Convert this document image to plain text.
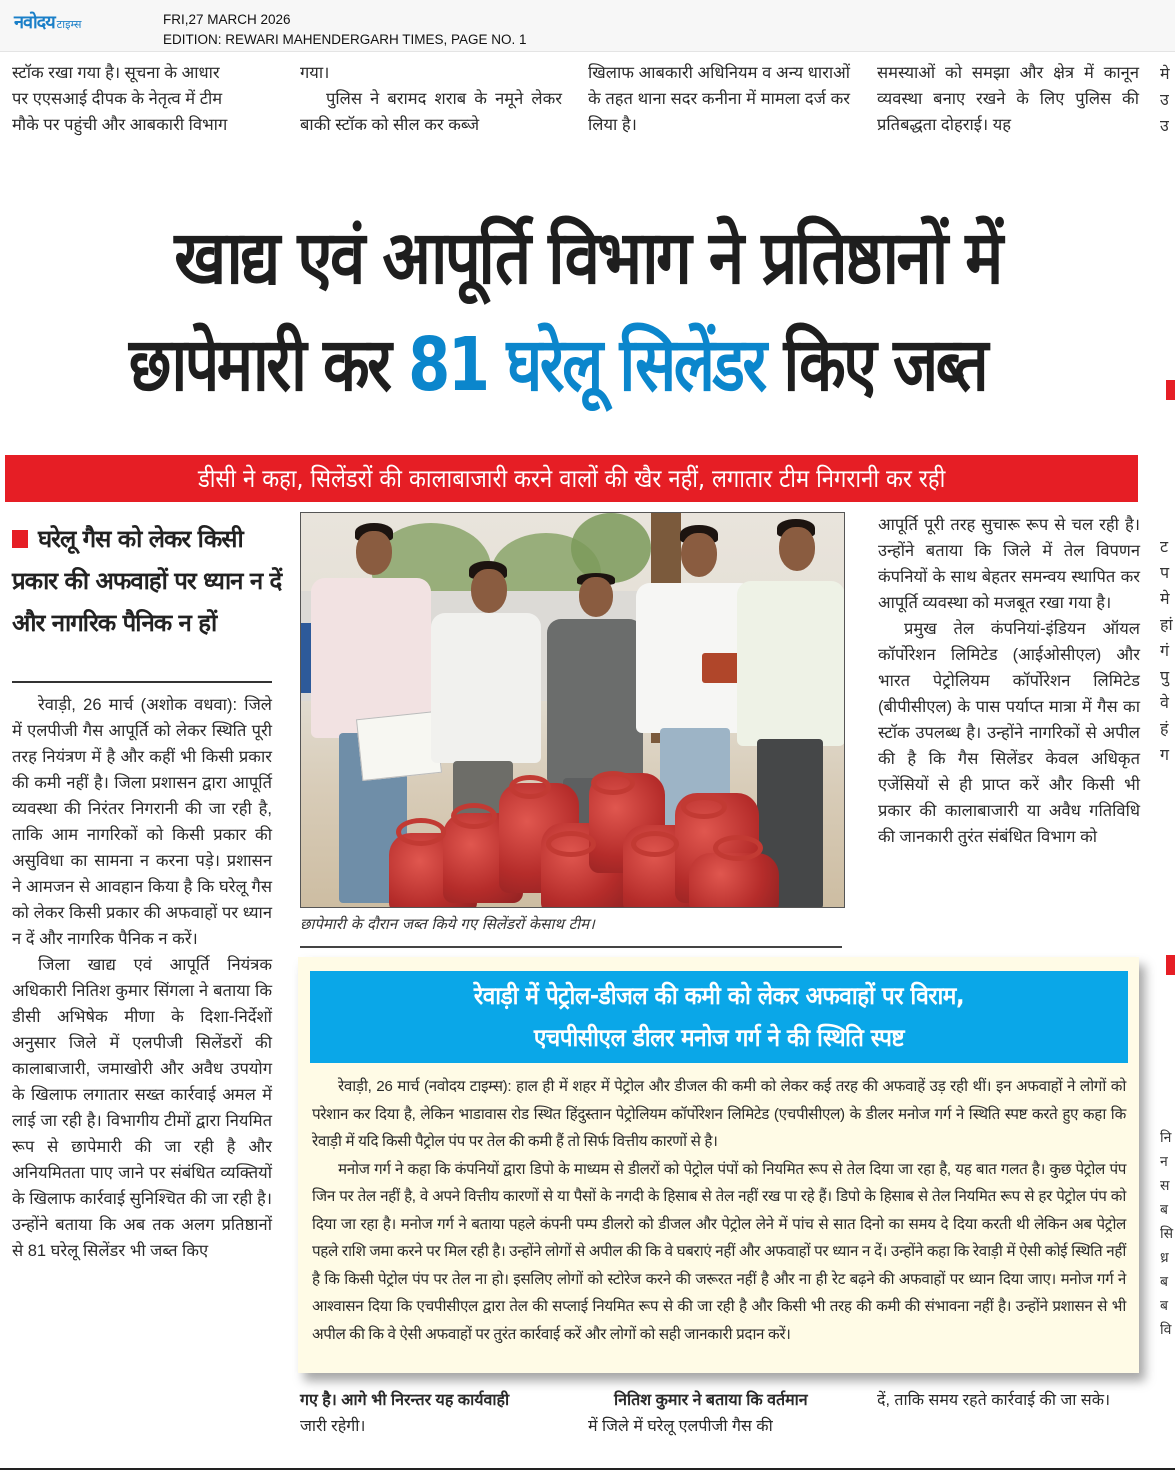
नवोदय टाइम्स	FRI,27 MARCH 2026
EDITION: REWARI MAHENDERGARH TIMES, PAGE NO. 1
स्टॉक रखा गया है। सूचना के आधार
पर एएसआई दीपक के नेतृत्व में टीम
मौके पर पहुंची और आबकारी विभाग
गया।

पुलिस ने बरामद शराब के नमूने लेकर बाकी स्टॉक को सील कर कब्जे

खिलाफ आबकारी अधिनियम व अन्य धाराओं के तहत थाना सदर कनीना में मामला दर्ज कर लिया है।

समस्याओं को समझा और क्षेत्र में कानून व्यवस्था बनाए रखने के लिए पुलिस की प्रतिबद्धता दोहराई। यह

खाद्य एवं आपूर्ति विभाग ने प्रतिष्ठानों में
छापेमारी कर 81 घरेलू सिलेंडर किए जब्त
डीसी ने कहा, सिलेंडरों की कालाबाजारी करने वालों की खैर नहीं, लगातार टीम निगरानी कर रही
घरेलू गैस को लेकर किसी प्रकार की अफवाहों पर ध्यान न दें और नागरिक पैनिक न हों

रेवाड़ी, 26 मार्च (अशोक वधवा): जिले में एलपीजी गैस आपूर्ति को लेकर स्थिति पूरी तरह नियंत्रण में है और कहीं भी किसी प्रकार की कमी नहीं है। जिला प्रशासन द्वारा आपूर्ति व्यवस्था की निरंतर निगरानी की जा रही है, ताकि आम नागरिकों को किसी प्रकार की असुविधा का सामना न करना पड़े। प्रशासन ने आमजन से आवहान किया है कि घरेलू गैस को लेकर किसी प्रकार की अफवाहों पर ध्यान न दें और नागरिक पैनिक न करें।

जिला खाद्य एवं आपूर्ति नियंत्रक अधिकारी नितिश कुमार सिंगला ने बताया कि डीसी अभिषेक मीणा के दिशा-निर्देशों अनुसार जिले में एलपीजी सिलेंडरों की कालाबाजारी, जमाखोरी और अवैध उपयोग के खिलाफ लगातार सख्त कार्रवाई अमल में लाई जा रही है। विभागीय टीमों द्वारा नियमित रूप से छापेमारी की जा रही है और अनियमितता पाए जाने पर संबंधित व्यक्तियों के खिलाफ कार्रवाई सुनिश्चित की जा रही है। उन्होंने बताया कि अब तक अलग प्रतिष्ठानों से 81 घरेलू सिलेंडर भी जब्त किए

छापेमारी के दौरान जब्त किये गए सिलेंडरों केसाथ टीम।

आपूर्ति पूरी तरह सुचारू रूप से चल रही है। उन्होंने बताया कि जिले में तेल विपणन कंपनियों के साथ बेहतर समन्वय स्थापित कर आपूर्ति व्यवस्था को मजबूत रखा गया है।

प्रमुख तेल कंपनियां-इंडियन ऑयल कॉर्पोरेशन लिमिटेड (आईओसीएल) और भारत पेट्रोलियम कॉर्पोरेशन लिमिटेड (बीपीसीएल) के पास पर्याप्त मात्रा में गैस का स्टॉक उपलब्ध है। उन्होंने नागरिकों से अपील की है कि गैस सिलेंडर केवल अधिकृत एजेंसियों से ही प्राप्त करें और किसी भी प्रकार की कालाबाजारी या अवैध गतिविधि की जानकारी तुरंत संबंधित विभाग को

रेवाड़ी में पेट्रोल-डीजल की कमी को लेकर अफवाहों पर विराम,
एचपीसीएल डीलर मनोज गर्ग ने की स्थिति स्पष्ट

रेवाड़ी, 26 मार्च (नवोदय टाइम्स): हाल ही में शहर में पेट्रोल और डीजल की कमी को लेकर कई तरह की अफवाहें उड़ रही थीं। इन अफवाहों ने लोगों को परेशान कर दिया है, लेकिन भाडावास रोड स्थित हिंदुस्तान पेट्रोलियम कॉर्पोरेशन लिमिटेड (एचपीसीएल) के डीलर मनोज गर्ग ने स्थिति स्पष्ट करते हुए कहा कि रेवाड़ी में यदि किसी पैट्रोल पंप पर तेल की कमी हैं तो सिर्फ वित्तीय कारणों से है।

मनोज गर्ग ने कहा कि कंपनियों द्वारा डिपो के माध्यम से डीलरों को पेट्रोल पंपों को नियमित रूप से तेल दिया जा रहा है, यह बात गलत है। कुछ पेट्रोल पंप जिन पर तेल नहीं है, वे अपने वित्तीय कारणों से या पैसों के नगदी के हिसाब से तेल नहीं रख पा रहे हैं। डिपो के हिसाब से तेल नियमित रूप से हर पेट्रोल पंप को दिया जा रहा है। मनोज गर्ग ने बताया पहले कंपनी पम्प डीलरो को डीजल और पेट्रोल लेने में पांच से सात दिनो का समय दे दिया करती थी लेकिन अब पेट्रोल पहले राशि जमा करने पर मिल रही है। उन्होंने लोगों से अपील की कि वे घबराएं नहीं और अफवाहों पर ध्यान न दें। उन्होंने कहा कि रेवाड़ी में ऐसी कोई स्थिति नहीं है कि किसी पेट्रोल पंप पर तेल ना हो। इसलिए लोगों को स्टोरेज करने की जरूरत नहीं है और ना ही रेट बढ़ने की अफवाहों पर ध्यान दिया जाए। मनोज गर्ग ने आश्वासन दिया कि एचपीसीएल द्वारा तेल की सप्लाई नियमित रूप से की जा रही है और किसी भी तरह की कमी की संभावना नहीं है। उन्होंने प्रशासन से भी अपील की कि वे ऐसी अफवाहों पर तुरंत कार्रवाई करें और लोगों को सही जानकारी प्रदान करें।

गए है। आगे भी निरन्तर यह कार्यवाही
जारी रहेगी।
नितिश कुमार ने बताया कि वर्तमान
में जिले में घरेलू एलपीजी गैस की

दें, ताकि समय रहते कार्रवाई की जा सके।

मे
उ
उ
ट
प
मे
हां
गं
पु
वे
हं
ग
नि
न
स
ब
सि
ध्र
ब
ब
वि
